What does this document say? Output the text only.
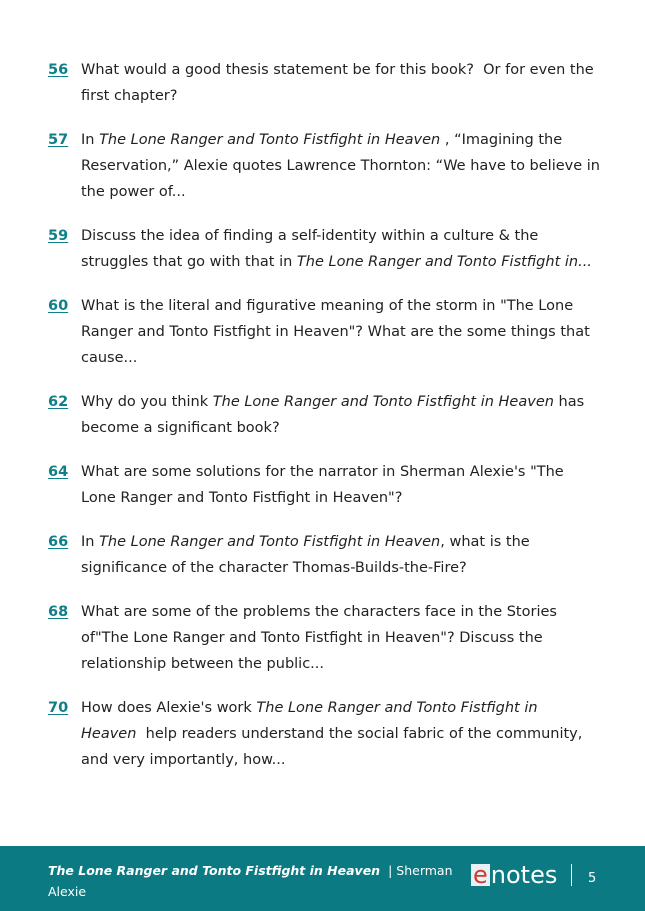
56 What would a good thesis statement be for this book?  Or for even the first chapter?
57 In The Lone Ranger and Tonto Fistfight in Heaven , “Imagining the Reservation,” Alexie quotes Lawrence Thornton: “We have to believe in the power of...
59 Discuss the idea of finding a self-identity within a culture & the struggles that go with that in The Lone Ranger and Tonto Fistfight in...
60 What is the literal and figurative meaning of the storm in "The Lone Ranger and Tonto Fistfight in Heaven"? What are the some things that cause...
62 Why do you think The Lone Ranger and Tonto Fistfight in Heaven has become a significant book?
64 What are some solutions for the narrator in Sherman Alexie's "The Lone Ranger and Tonto Fistfight in Heaven"?
66 In The Lone Ranger and Tonto Fistfight in Heaven, what is the significance of the character Thomas-Builds-the-Fire?
68 What are some of the problems the characters face in the Stories of"The Lone Ranger and Tonto Fistfight in Heaven"? Discuss the relationship between the public...
70 How does Alexie's work The Lone Ranger and Tonto Fistfight in Heaven  help readers understand the social fabric of the community, and very importantly, how...
The Lone Ranger and Tonto Fistfight in Heaven | Sherman Alexie
e notes 5
